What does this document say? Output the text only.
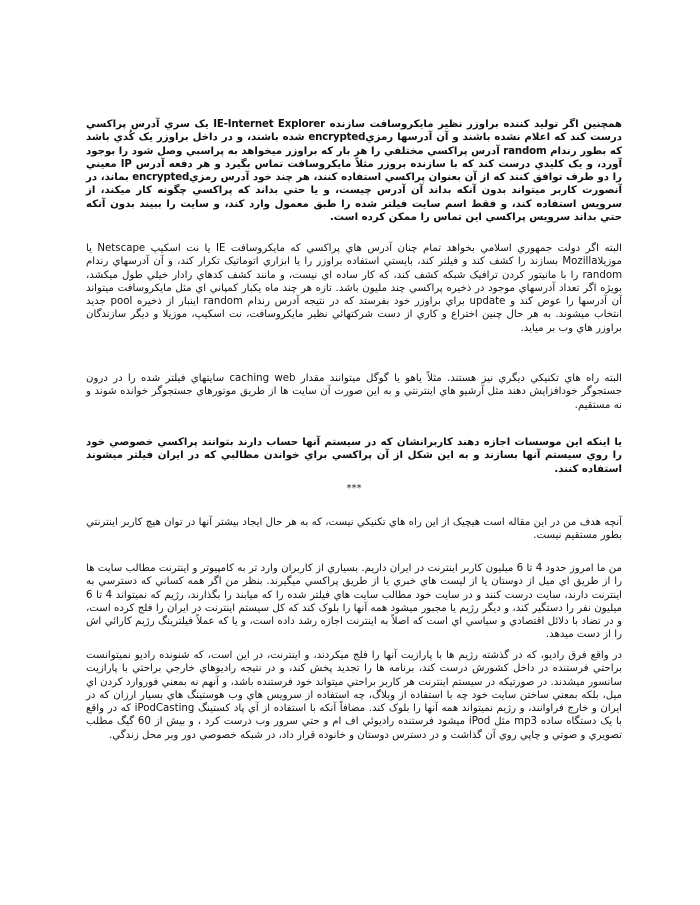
همچنين اگر توليد كننده براوزر نظير مايكروسافت سازنده IE-Internet Explorer يک سري آدرس پراكسي درست كند كه اعلام نشده باشند و آن آدرسها رمزيencrypted شده باشند، و در داخل براوزر يک كُدي باشد كه بطور رندام random آدرس پراكسي مختلفي را هر بار كه براوزر ميخواهد به پراسبي وصل شود را بوجود آورد، و يک كليدي درست كند كه با سازنده بروزر مثلاً مايكروسافت تماس بگيرد و هر دفعه آدرس IP معيني را دو طرف توافق كنند كه از آن بعنوان پراكسي استفاده كنند، هر چند خود آدرس رمزيencrypted بماند، در آنصورت كاربر ميتواند بدون آنكه بداند آن آدرس چيست، و يا حتي بداند كه پراكسي چگونه كار ميكند، از سرويس استفاده كند، و فقط اسم سايت فيلتر شده را طبق معمول وارد كند، و سايت را ببيند بدون آنكه حتي بداند سرويس پراكسي اين تماس را ممكن كرده است.

البته اگر دولت جمهوري اسلامي بخواهد تمام چنان آدرس هاي پراكسي كه مايكروسافت IE يا نت اسكيپ Netscape يا موزيلاMozilla بسازند را كشف كند و فيلتر كند، بايستي استفاده براوزر را يا ابزاري اتوماتيک تكرار كند، و آن آدرسهاي رندام random را با مانيتور كردن ترافيک شبكه كشف كند، كه كار ساده اي نيست، و مانند كشف كدهاي رادار خيلي طول ميكشد، بويژه اگر تعداد آدرسهاي موجود در ذخيره پراكسي چند مليون باشد. تازه هر چند ماه يكبار كمپاني اي مثل مايكروسافت ميتواند آن آدرسها را عوض كند و update براي براوزر خود بفرستد كه در نتيجه آدرس رندام random اينبار از ذخيره pool جديد انتخاب ميشوند. به هر حال چنين اختراع و كاري از دست شركتهائي نظير مايكروسافت، نت اسكيپ، موزيلا و ديگر سازندگان براوزر هاي وب بر ميايد.

البته راه هاي تكنيكي ديگري نيز هستند. مثلاً ياهو يا گوگل ميتوانند مقدار caching web سايتهاي فيلتر شده را در درون جستجوگر خودافزايش دهند مثل آرشيو هاي اينترنتي و به اين صورت آن سايت ها از طريق موتورهاي جستجوگر خوانده شوند و نه مستقيم.

يا اينكه اين موسسات اجازه دهند كاربرانشان كه در سيستم آنها حساب دارند بتوانند پراكسي خصوصي خود را روي سيستم آنها بسازند و به اين شكل از آن پراكسي براي خواندن مطالبي كه در ايران فيلتر ميشوند استفاده كنند.

***

آنچه هدف من در اين مقاله است هيچيک از اين راه هاي تكنيكي نيست، كه به هر حال ايجاد بيشتر آنها در توان هيچ كاربر اينترنتي بطور مستقيم نيست.

من ما امروز حدود 4 تا 6 ميليون كاربر اينترنت در ايران داريم. بسياري از كاربران وارد تر به كامپيوتر و اينترنت مطالب سايت ها را از طريق اي ميل از دوستان يا از ليست هاي خبري يا از طريق پراكسي ميگيرند. بنظر من اگر همه كساني كه دسترسي به اينترنت دارند، سايت درست كنند و در سايت خود مطالب سايت هاي فيلتر شده را كه ميابند را بگذارند، رژيم كه نميتواند 4 تا 6 ميليون نفر را دستگير كند، و ديگر رژيم يا مجبور ميشود همه آنها را بلوک كند كه كل سيستم اينترنت در ايران را فلج كرده است، و در تضاد با دلائل اقتصادي و سياسي اي است كه اصلاً به اينترنت اجازه رشد داده است، و يا كه عملاً فيلترينگ رژيم كارائي اش را از دست ميدهد.

در واقع فرق راديو، كه در گذشته رژيم ها با پارازيت آنها را فلج ميكردند، و اينترنت، در اين است، كه شنونده راديو نميتوانست براحتي فرستنده در داخل كشورش درست كند، برنامه ها را تجديد پخش كند، و در نتيجه راديوهاي خارجي براحتي با پارازيت سانسور ميشدند. در صورتيكه در سيستم اينترنت هر كاربر براحتي ميتواند خود فرستنده باشد، و آنهم نه بمعني فوروارد كردن اي ميل، بلكه بمعني ساختن سايت خود چه با استفاده از وبلاگ، چه استفاده از سرويس هاي وب هوستينگ هاي بسيار ارزان كه در ايران و خارج فراوانند، و رژيم نميتواند همه آنها را بلوک كند. مضافاً آنكه با استفاده از آي پاد كستينگ iPodCasting كه در واقع با يک دستگاه ساده mp3 مثل iPod ميشود فرستنده راديوئي اف ام و حتي سرور وب درست كرد ، و بيش از 60 گيگ مطلب تصويري و صوتي و چاپي روي آن گذاشت و در دسترس دوستان و خانوده قرار داد، در شبكه خصوصي دور وبر محل زندگي.
